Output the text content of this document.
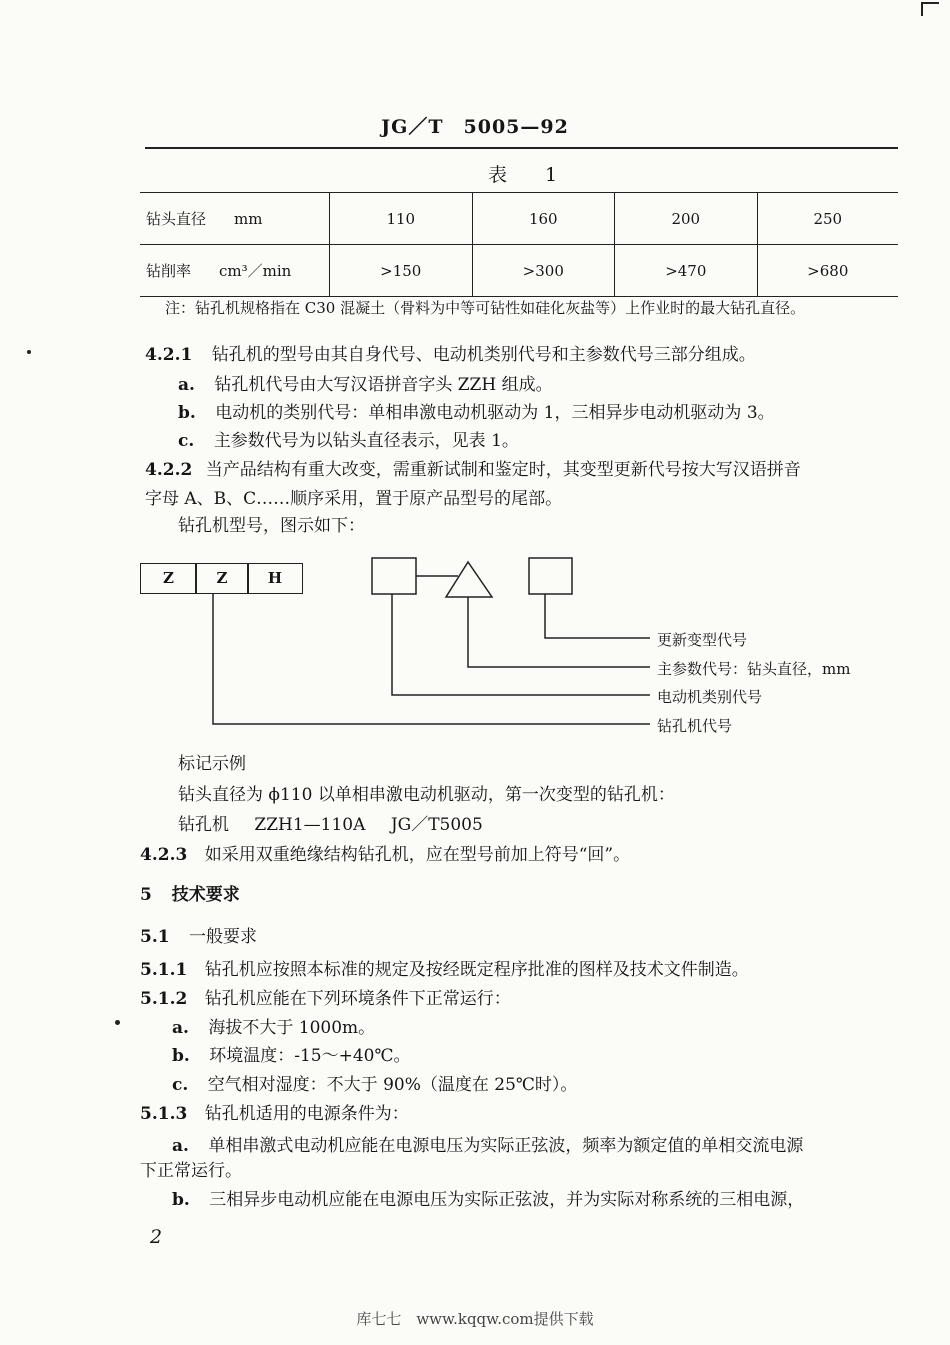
JG／T　5005—92
表　　1
钻头直径 mm	110	160	200	250
钻削率 cm³／min	>150	>300	>470	>680
注：钻孔机规格指在 C30 混凝土（骨料为中等可钻性如硅化灰盐等）上作业时的最大钻孔直径。
4.2.1 钻孔机的型号由其自身代号、电动机类别代号和主参数代号三部分组成。
a. 钻孔机代号由大写汉语拼音字头 ZZH 组成。
b. 电动机的类别代号：单相串激电动机驱动为 1，三相异步电动机驱动为 3。
c. 主参数代号为以钻头直径表示，见表 1。
4.2.2 当产品结构有重大改变，需重新试制和鉴定时，其变型更新代号按大写汉语拼音
字母 A、B、C……顺序采用，置于原产品型号的尾部。
钻孔机型号，图示如下：
Z	Z	H
更新变型代号
主参数代号：钻头直径，mm
电动机类别代号
钻孔机代号
标记示例
钻头直径为 ϕ110 以单相串激电动机驱动，第一次变型的钻孔机：
钻孔机 ZZH1—110A JG／T5005
4.2.3 如采用双重绝缘结构钻孔机，应在型号前加上符号“回”。
5 技术要求
5.1 一般要求
5.1.1 钻孔机应按照本标准的规定及按经既定程序批准的图样及技术文件制造。
5.1.2 钻孔机应能在下列环境条件下正常运行：
a. 海拔不大于 1000m。
b. 环境温度：-15～+40℃。
c. 空气相对湿度：不大于 90%（温度在 25℃时）。
5.1.3 钻孔机适用的电源条件为：
a. 单相串激式电动机应能在电源电压为实际正弦波，频率为额定值的单相交流电源
下正常运行。
b. 三相异步电动机应能在电源电压为实际正弦波，并为实际对称系统的三相电源，
2
库七七　www.kqqw.com提供下载
